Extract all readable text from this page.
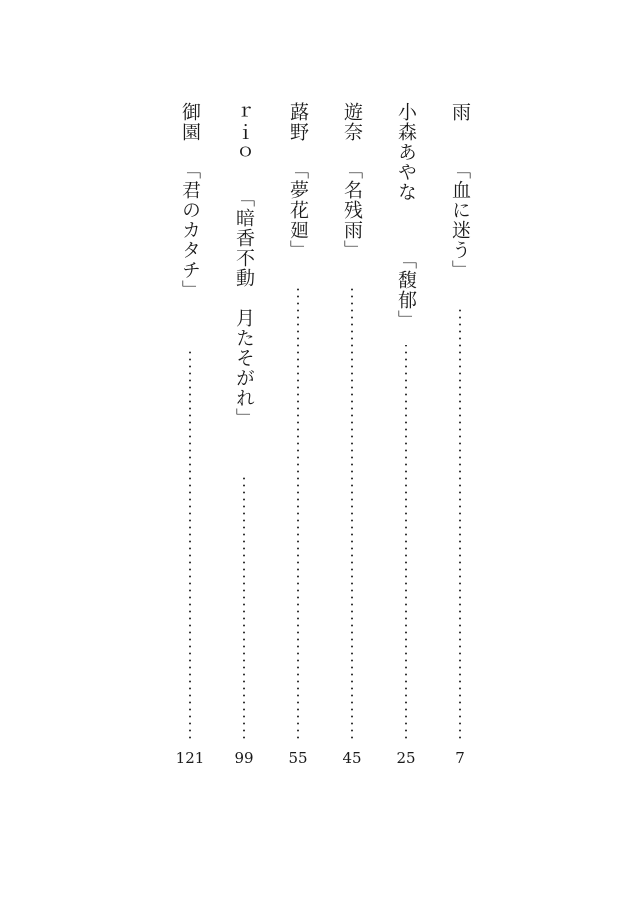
雨
「血に迷う」
7
小森あやな
「馥郁」
25
遊奈
「名残雨」
45
蕗野
「夢花廻」
55
ｒｉｏ
「暗香不動　月たそがれ」
99
御園
「君のカタチ」
121
